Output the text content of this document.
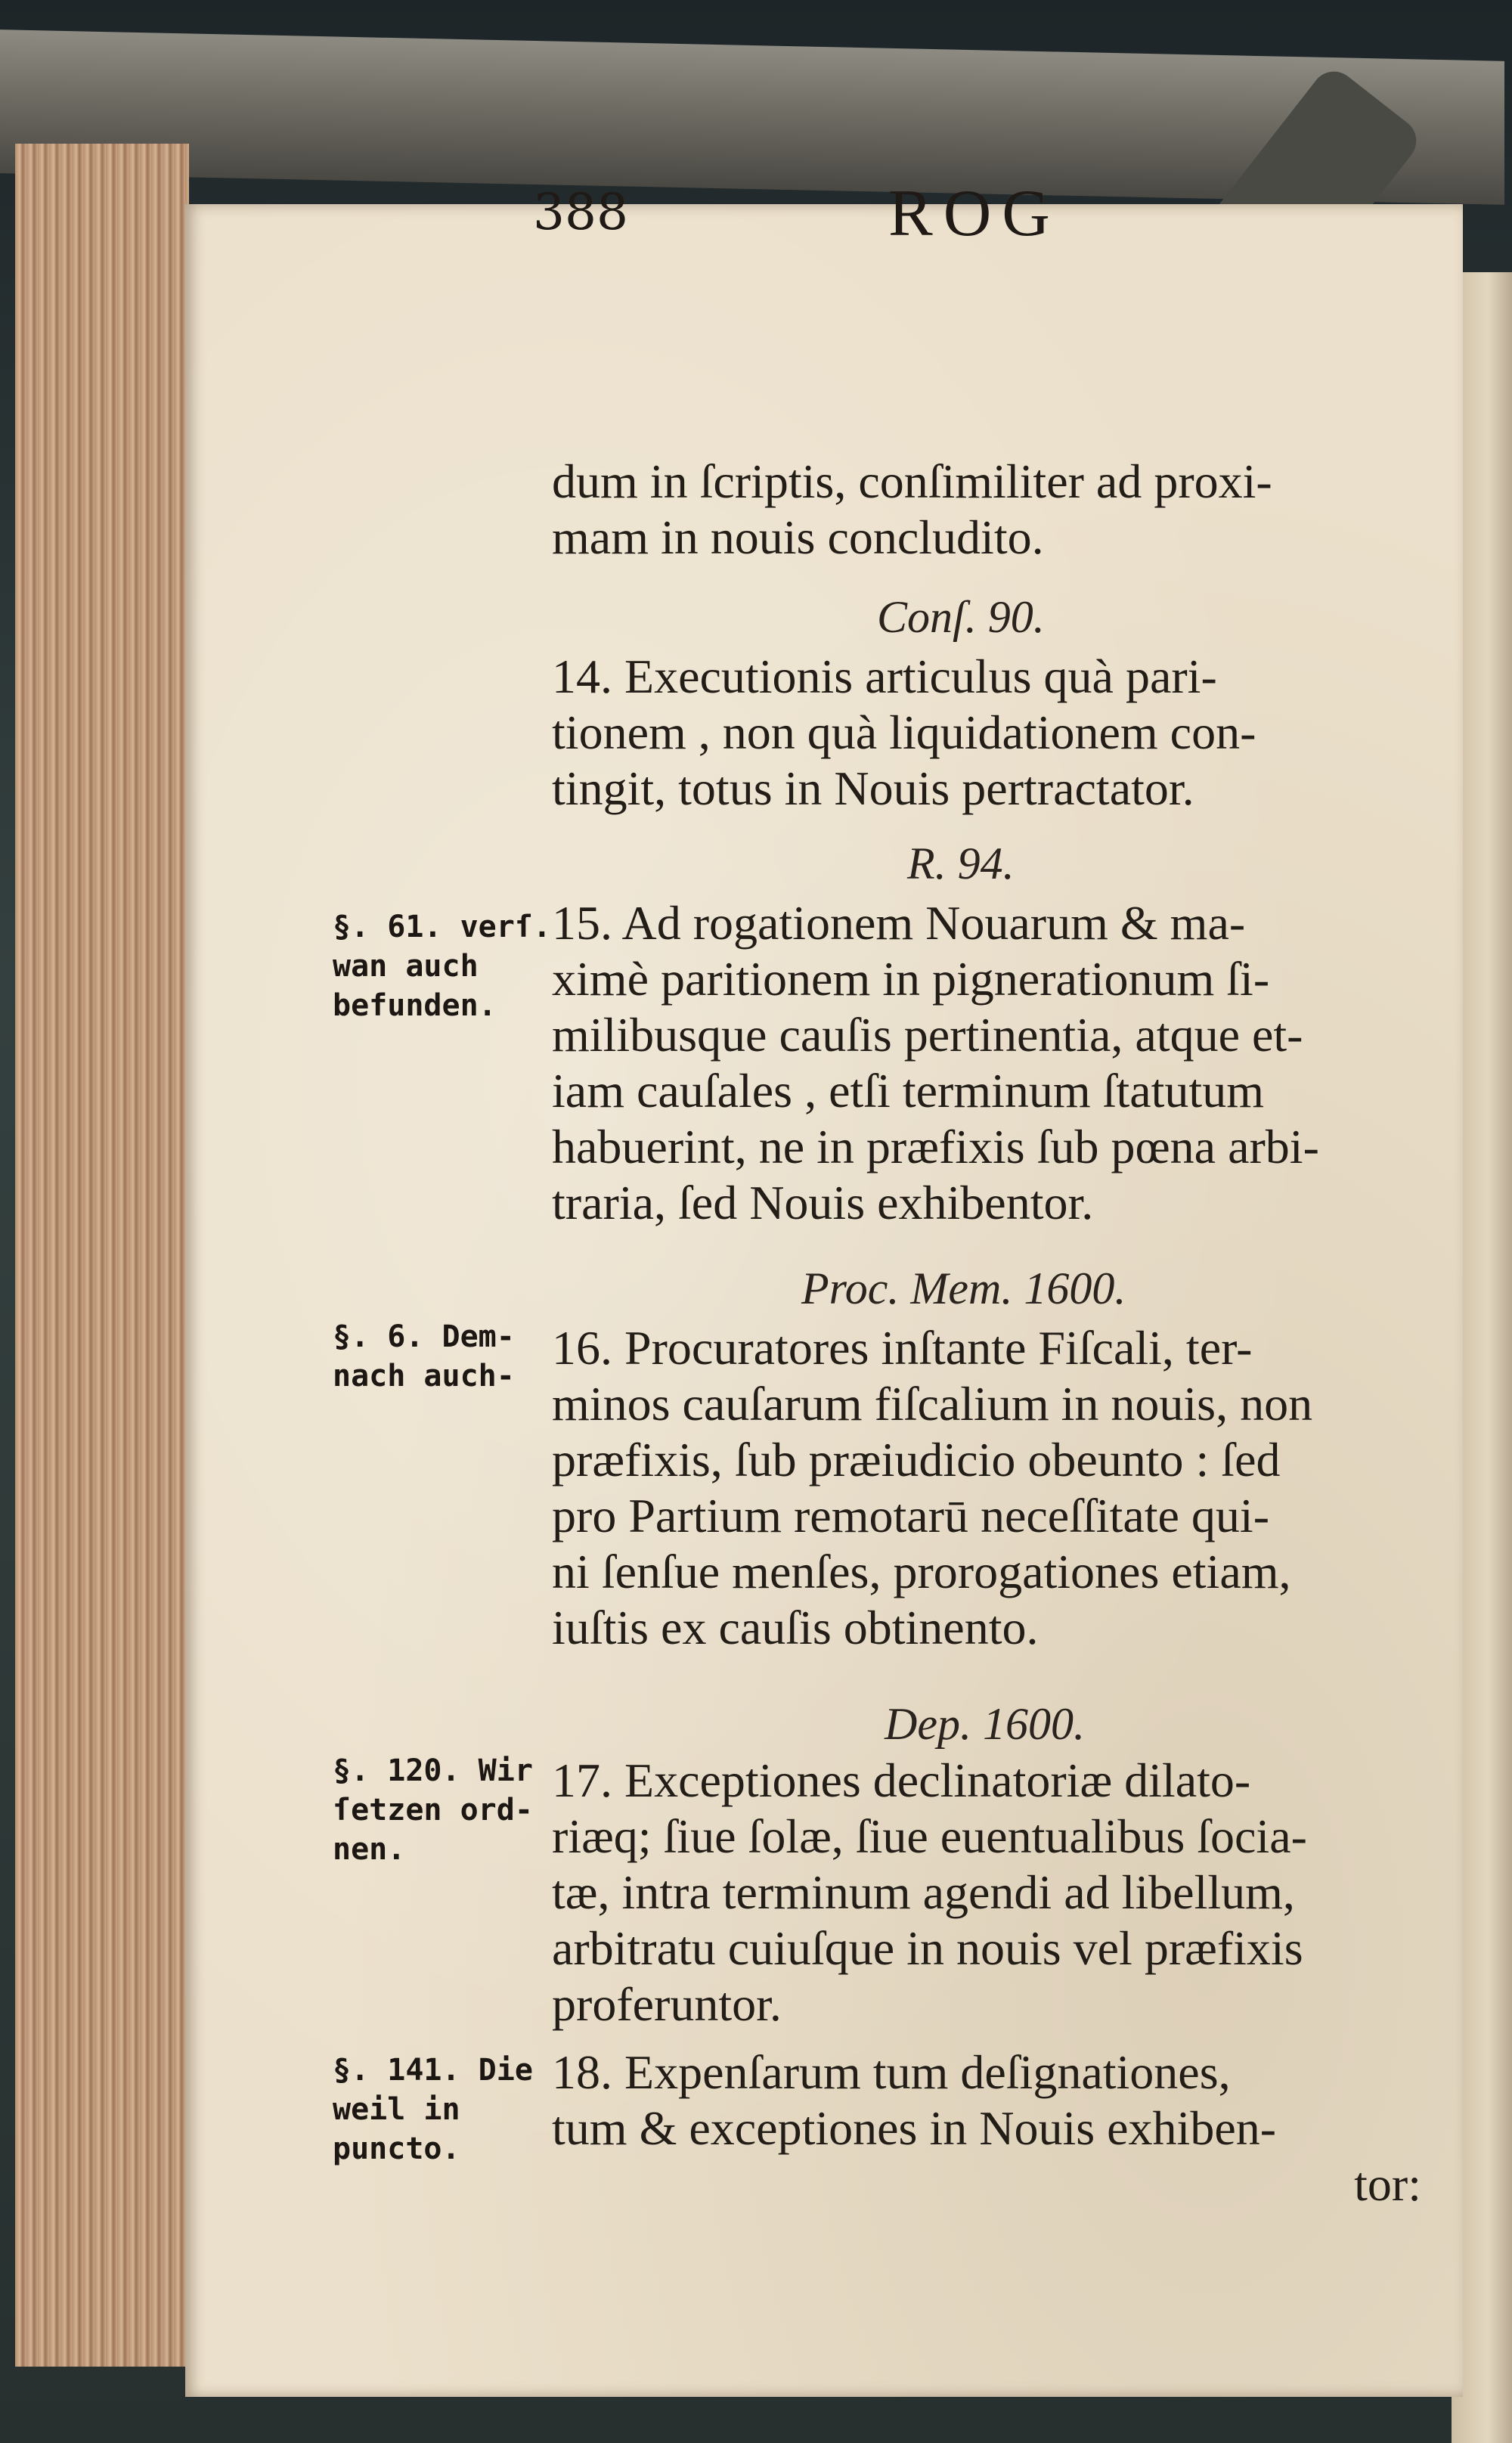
388	ROG
dum in ſcriptis, conſimiliter ad proxi-
mam in nouis concludito.
Conſ. 90.
14. Executionis articulus quà pari-
tionem , non quà liquidationem con-
tingit, totus in Nouis pertractator.
R. 94.
15. Ad rogationem Nouarum & ma-
ximè paritionem in pignerationum ſi-
milibusque cauſis pertinentia, atque et-
iam cauſales , etſi terminum ſtatutum
habuerint, ne in præfixis ſub pœna arbi-
traria, ſed Nouis exhibentor.
Proc. Mem. 1600.
16. Procuratores inſtante Fiſcali, ter-
minos cauſarum fiſcalium in nouis, non
præfixis, ſub præiudicio obeunto : ſed
pro Partium remotarū neceſſitate qui-
ni ſenſue menſes, prorogationes etiam,
iuſtis ex cauſis obtinento.
Dep. 1600.
17. Exceptiones declinatoriæ dilato-
riæq; ſiue ſolæ, ſiue euentualibus ſocia-
tæ, intra terminum agendi ad libellum,
arbitratu cuiuſque in nouis vel præfixis
proferuntor.
18. Expenſarum tum deſignationes,
tum & exceptiones in Nouis exhiben-
tor:
§. 61. verſ.
wan auch
befunden.
§. 6. Dem-
nach auch-
§. 120. Wir
ſetzen ord-
nen.
§. 141. Die
weil in
puncto.
